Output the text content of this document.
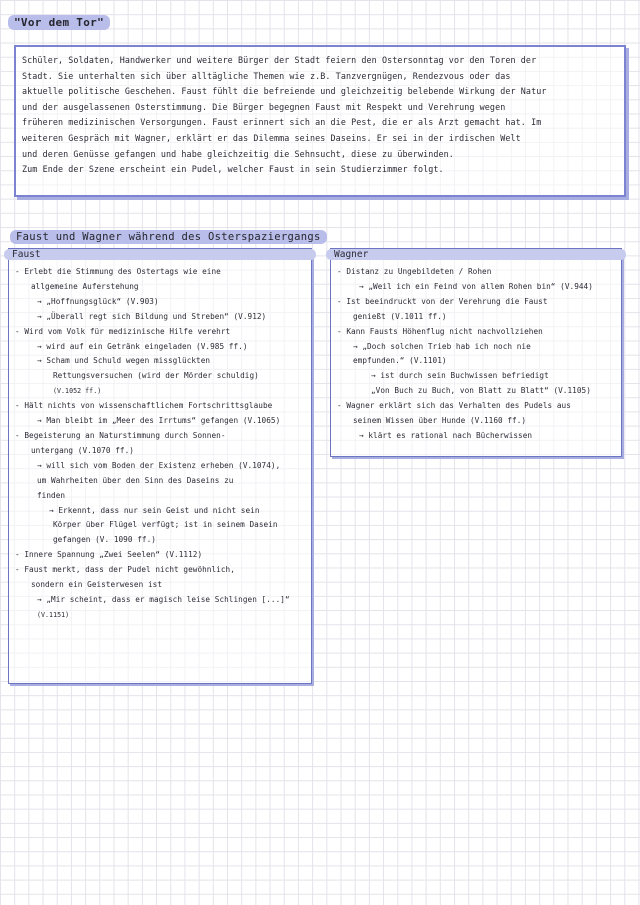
"Vor dem Tor"

Schüler, Soldaten, Handwerker und weitere Bürger der Stadt feiern den Ostersonntag vor den Toren der
Stadt. Sie unterhalten sich über alltägliche Themen wie z.B. Tanzvergnügen, Rendezvous oder das
aktuelle politische Geschehen. Faust fühlt die befreiende und gleichzeitig belebende Wirkung der Natur
und der ausgelassenen Osterstimmung. Die Bürger begegnen Faust mit Respekt und Verehrung wegen
früheren medizinischen Versorgungen. Faust erinnert sich an die Pest, die er als Arzt gemacht hat. Im
weiteren Gespräch mit Wagner, erklärt er das Dilemma seines Daseins. Er sei in der irdischen Welt
und deren Genüsse gefangen und habe gleichzeitig die Sehnsucht, diese zu überwinden.
Zum Ende der Szene erscheint ein Pudel, welcher Faust in sein Studierzimmer folgt.

Faust und Wagner während des Osterspaziergangs
Faust
- Erlebt die Stimmung des Ostertags wie eine
allgemeine Auferstehung
→ „Hoffnungsglück“ (V.903)
→ „Überall regt sich Bildung und Streben“ (V.912)
- Wird vom Volk für medizinische Hilfe verehrt
→ wird auf ein Getränk eingeladen (V.985 ff.)
→ Scham und Schuld wegen missglückten
Rettungsversuchen (wird der Mörder schuldig)
(V.1052 ff.)
- Hält nichts von wissenschaftlichem Fortschrittsglaube
→ Man bleibt im „Meer des Irrtums“ gefangen (V.1065)
- Begeisterung an Naturstimmung durch Sonnen-
untergang (V.1070 ff.)
→ will sich vom Boden der Existenz erheben (V.1074),
um Wahrheiten über den Sinn des Daseins zu
finden
→ Erkennt, dass nur sein Geist und nicht sein
Körper über Flügel verfügt; ist in seinem Dasein
gefangen (V. 1090 ff.)
- Innere Spannung „Zwei Seelen“ (V.1112)
- Faust merkt, dass der Pudel nicht gewöhnlich,
sondern ein Geisterwesen ist
→ „Mir scheint, dass er magisch leise Schlingen [...]“
(V.1151)
Wagner
- Distanz zu Ungebildeten / Rohen
→ „Weil ich ein Feind von allem Rohen bin“ (V.944)
- Ist beeindruckt von der Verehrung die Faust
genießt (V.1011 ff.)
- Kann Fausts Höhenflug nicht nachvollziehen
→ „Doch solchen Trieb hab ich noch nie
empfunden.“ (V.1101)
→ ist durch sein Buchwissen befriedigt
„Von Buch zu Buch, von Blatt zu Blatt“ (V.1105)
- Wagner erklärt sich das Verhalten des Pudels aus
seinem Wissen über Hunde (V.1160 ff.)
→ klärt es rational nach Bücherwissen
